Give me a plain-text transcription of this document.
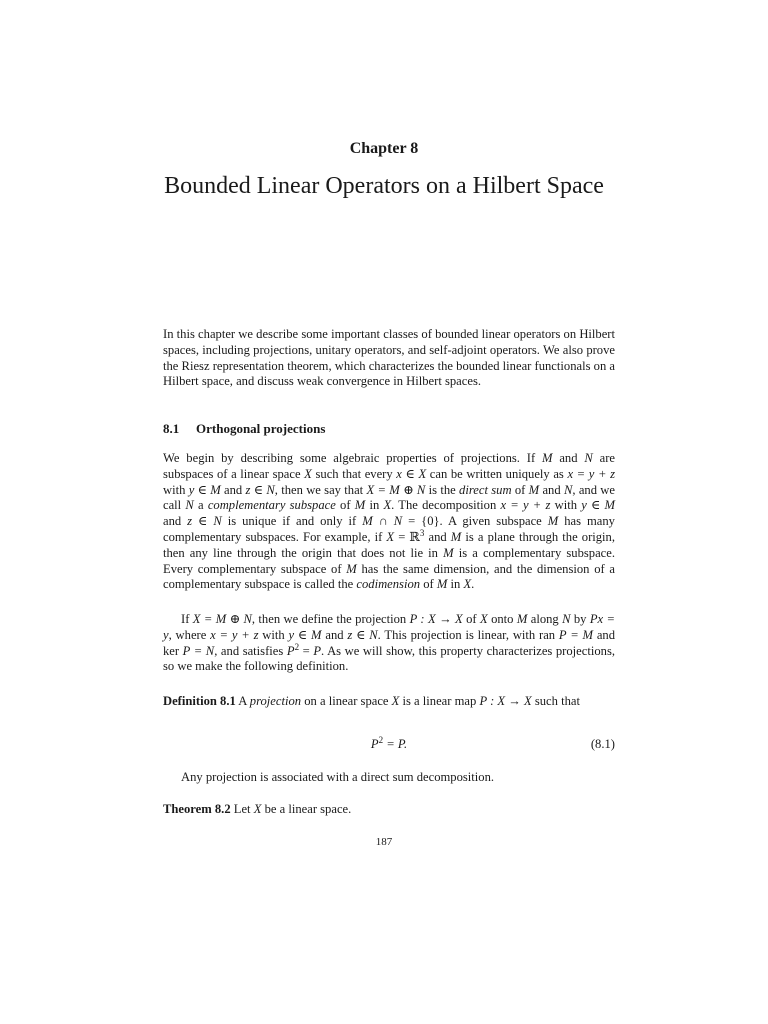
Chapter 8
Bounded Linear Operators on a Hilbert Space
In this chapter we describe some important classes of bounded linear operators on Hilbert spaces, including projections, unitary operators, and self-adjoint operators. We also prove the Riesz representation theorem, which characterizes the bounded linear functionals on a Hilbert space, and discuss weak convergence in Hilbert spaces.
8.1 Orthogonal projections
We begin by describing some algebraic properties of projections. If M and N are subspaces of a linear space X such that every x ∈ X can be written uniquely as x = y + z with y ∈ M and z ∈ N, then we say that X = M ⊕ N is the direct sum of M and N, and we call N a complementary subspace of M in X. The decomposition x = y + z with y ∈ M and z ∈ N is unique if and only if M ∩ N = {0}. A given subspace M has many complementary subspaces. For example, if X = ℝ$^3$ and M is a plane through the origin, then any line through the origin that does not lie in M is a complementary subspace. Every complementary subspace of M has the same dimension, and the dimension of a complementary subspace is called the codimension of M in X.
If X = M ⊕ N, then we define the projection P : X → X of X onto M along N by Px = y, where x = y + z with y ∈ M and z ∈ N. This projection is linear, with ran P = M and ker P = N, and satisfies $P^2 = P$. As we will show, this property characterizes projections, so we make the following definition.
Definition 8.1 A projection on a linear space X is a linear map P : X → X such that
$P^2 = P$.	(8.1)
Any projection is associated with a direct sum decomposition.
Theorem 8.2 Let X be a linear space.
187
